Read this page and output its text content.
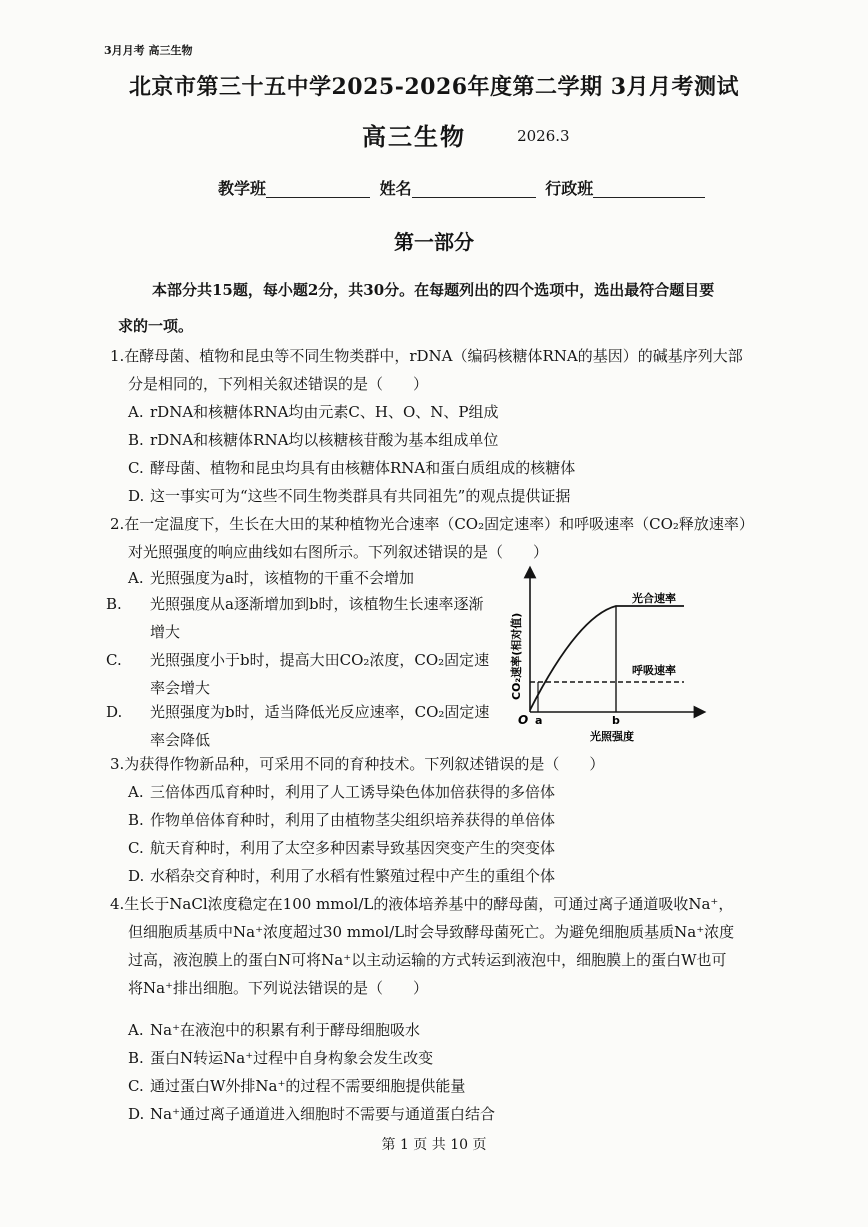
3月月考 高三生物
北京市第三十五中学2025-2026年度第二学期 3月月考测试
高三生物	2026.3
教学班	姓名	行政班
第一部分
本部分共15题，每小题2分，共30分。在每题列出的四个选项中，选出最符合题目要求的一项。
1.在酵母菌、植物和昆虫等不同生物类群中，rDNA（编码核糖体RNA的基因）的碱基序列大部分是相同的，下列相关叙述错误的是（　　）
A. rDNA和核糖体RNA均由元素C、H、O、N、P组成
B. rDNA和核糖体RNA均以核糖核苷酸为基本组成单位
C. 酵母菌、植物和昆虫均具有由核糖体RNA和蛋白质组成的核糖体
D. 这一事实可为“这些不同生物类群具有共同祖先”的观点提供证据
2.在一定温度下，生长在大田的某种植物光合速率（CO₂固定速率）和呼吸速率（CO₂释放速率）对光照强度的响应曲线如右图所示。下列叙述错误的是（　　）
A. 光照强度为a时，该植物的干重不会增加
B. 光照强度从a逐渐增加到b时，该植物生长速率逐渐增大
C. 光照强度小于b时，提高大田CO₂浓度，CO₂固定速率会增大
D. 光照强度为b时，适当降低光反应速率，CO₂固定速率会降低
光合速率
呼吸速率
O a	b
光照强度
CO₂速率(相对值)
3.为获得作物新品种，可采用不同的育种技术。下列叙述错误的是（　　）
A. 三倍体西瓜育种时，利用了人工诱导染色体加倍获得的多倍体
B. 作物单倍体育种时，利用了由植物茎尖组织培养获得的单倍体
C. 航天育种时，利用了太空多种因素导致基因突变产生的突变体
D. 水稻杂交育种时，利用了水稻有性繁殖过程中产生的重组个体
4.生长于NaCl浓度稳定在100 mmol/L的液体培养基中的酵母菌，可通过离子通道吸收Na⁺，但细胞质基质中Na⁺浓度超过30 mmol/L时会导致酵母菌死亡。为避免细胞质基质Na⁺浓度过高，液泡膜上的蛋白N可将Na⁺以主动运输的方式转运到液泡中，细胞膜上的蛋白W也可将Na⁺排出细胞。下列说法错误的是（　　）
A. Na⁺在液泡中的积累有利于酵母细胞吸水
B. 蛋白N转运Na⁺过程中自身构象会发生改变
C. 通过蛋白W外排Na⁺的过程不需要细胞提供能量
D. Na⁺通过离子通道进入细胞时不需要与通道蛋白结合
第 1 页 共 10 页
